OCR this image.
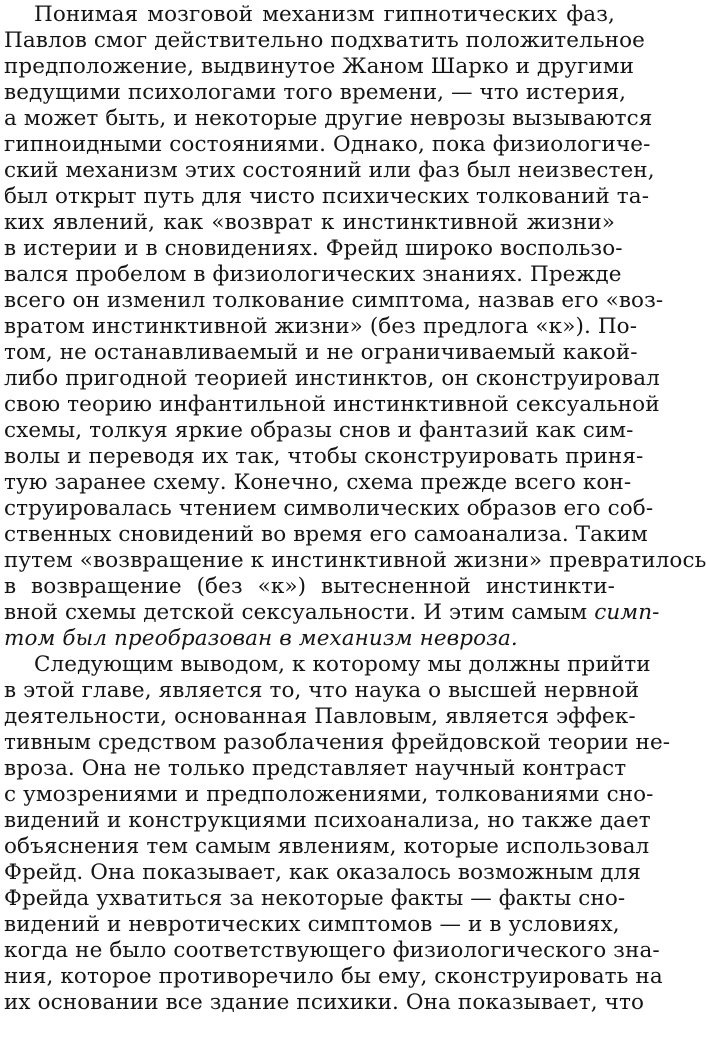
Понимая мозговой механизм гипнотических фаз,
Павлов смог действительно подхватить положительное
предположение, выдвинутое Жаном Шарко и другими
ведущими психологами того времени, — что истерия,
а может быть, и некоторые другие неврозы вызываются
гипноидными состояниями. Однако, пока физиологиче-
ский механизм этих состояний или фаз был неизвестен,
был открыт путь для чисто психических толкований та-
ких явлений, как «возврат к инстинктивной жизни»
в истерии и в сновидениях. Фрейд широко воспользо-
вался пробелом в физиологических знаниях. Прежде
всего он изменил толкование симптома, назвав его «воз-
вратом инстинктивной жизни» (без предлога «к»). По-
том, не останавливаемый и не ограничиваемый какой-
либо пригодной теорией инстинктов, он сконструировал
свою теорию инфантильной инстинктивной сексуальной
схемы, толкуя яркие образы снов и фантазий как сим-
волы и переводя их так, чтобы сконструировать приня-
тую заранее схему. Конечно, схема прежде всего кон-
струировалась чтением символических образов его соб-
ственных сновидений во время его самоанализа. Таким
путем «возвращение к инстинктивной жизни» превратилось
в возвращение (без «к») вытесненной инстинкти-
вной схемы детской сексуальности. И этим самым симп-
том был преобразован в механизм невроза.
Следующим выводом, к которому мы должны прийти
в этой главе, является то, что наука о высшей нервной
деятельности, основанная Павловым, является эффек-
тивным средством разоблачения фрейдовской теории не-
вроза. Она не только представляет научный контраст
с умозрениями и предположениями, толкованиями сно-
видений и конструкциями психоанализа, но также дает
объяснения тем самым явлениям, которые использовал
Фрейд. Она показывает, как оказалось возможным для
Фрейда ухватиться за некоторые факты — факты сно-
видений и невротических симптомов — и в условиях,
когда не было соответствующего физиологического зна-
ния, которое противоречило бы ему, сконструировать на
их основании все здание психики. Она показывает, что
